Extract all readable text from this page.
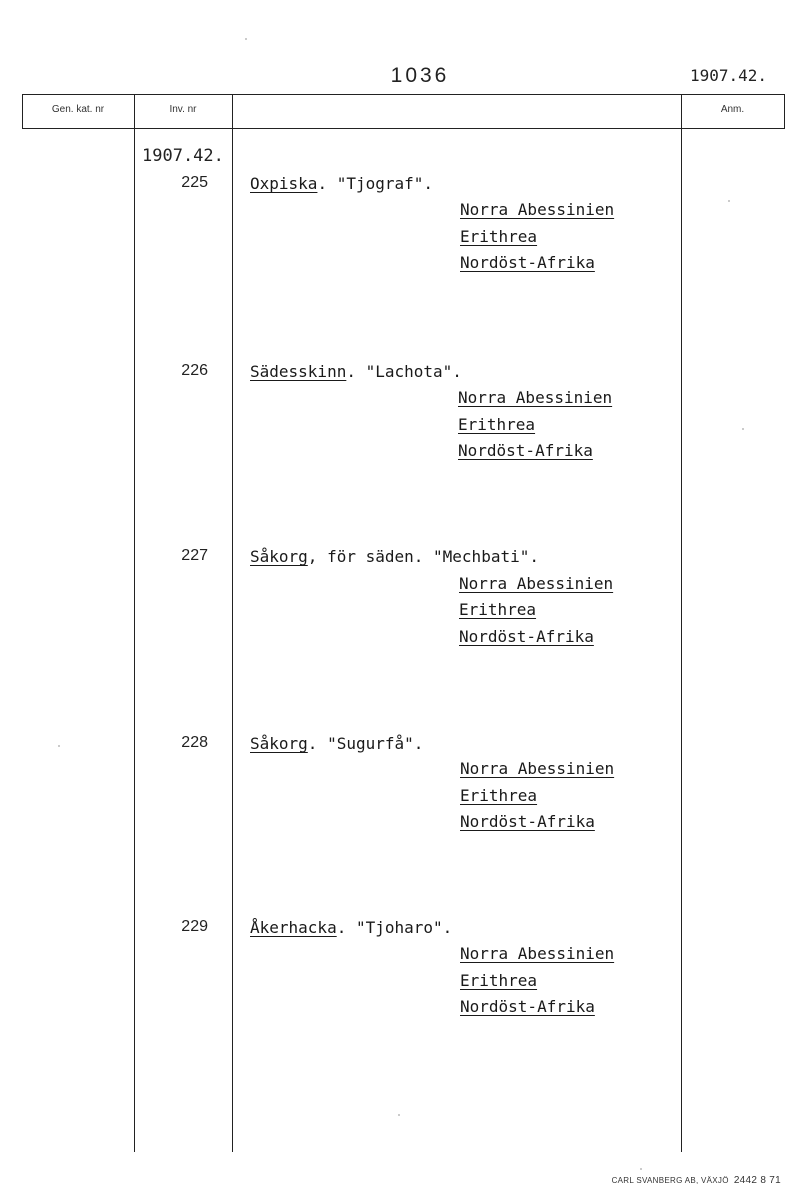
1036	1907.42.
Gen. kat. nr	Inv. nr	Anm.
1907.42.
225	Oxpiska. "Tjograf".
Norra Abessinien
Erithrea
Nordöst-Afrika
226	Sädesskinn. "Lachota".
Norra Abessinien
Erithrea
Nordöst-Afrika
227	Såkorg, för säden. "Mechbati".
Norra Abessinien
Erithrea
Nordöst-Afrika
228	Såkorg. "Sugurfå".
Norra Abessinien
Erithrea
Nordöst-Afrika
229	Åkerhacka. "Tjoharo".
Norra Abessinien
Erithrea
Nordöst-Afrika
CARL SVANBERG AB, VÄXJÖ 2442 8 71
